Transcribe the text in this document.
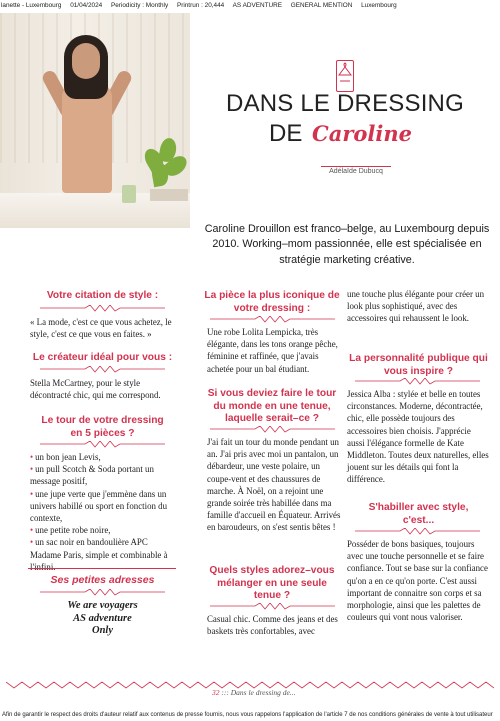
lanette - Luxembourg 01/04/2024 Periodicity : Monthly Printrun : 20,444 AS ADVENTURE GENERAL MENTION Luxembourg
DANS LE DRESSING
DE Caroline
Adélaïde Dubucq
Caroline Drouillon est franco–belge, au Luxembourg depuis 2010. Working–mom passionnée, elle est spécialisée en stratégie marketing créative.
Votre citation de style :
« La mode, c'est ce que vous achetez, le style, c'est ce que vous en faites. »
Le créateur idéal pour vous :
Stella McCartney, pour le style décontracté chic, qui me correspond.
Le tour de votre dressing en 5 pièces ?

• un bon jean Levis,

• un pull Scotch & Soda portant un message positif,

• une jupe verte que j'emmène dans un univers habillé ou sport en fonction du contexte,

• une petite robe noire,

• un sac noir en bandoulière APC Madame Paris, simple et combinable à l'infini.

Ses petites adresses
We are voyagers
AS adventure
Only
La pièce la plus iconique de votre dressing :
Une robe Lolita Lempicka, très élégante, dans les tons orange pêche, féminine et raffinée, que j'avais achetée pour un bal étudiant.
Si vous deviez faire le tour du monde en une tenue, laquelle serait–ce ?
J'ai fait un tour du monde pendant un an. J'ai pris avec moi un pantalon, un débardeur, une veste polaire, un coupe-vent et des chaussures de marche. À Noël, on a rejoint une grande soirée très habillée dans ma famille d'accueil en Équateur. Arrivés en baroudeurs, on s'est sentis bêtes !
Quels styles adorez–vous mélanger en une seule tenue ?
Casual chic. Comme des jeans et des baskets très confortables, avec
une touche plus élégante pour créer un look plus sophistiqué, avec des accessoires qui rehaussent le look.
La personnalité publique qui vous inspire ?
Jessica Alba : stylée et belle en toutes circonstances. Moderne, décontractée, chic, elle possède toujours des accessoires bien choisis. J'apprécie aussi l'élégance formelle de Kate Middleton. Toutes deux naturelles, elles jouent sur les détails qui font la différence.
S'habiller avec style, c'est...
Posséder de bons basiques, toujours avec une touche personnelle et se faire confiance. Tout se base sur la confiance qu'on a en ce qu'on porte. C'est aussi important de connaitre son corps et sa morphologie, ainsi que les palettes de couleurs qui vont nous valoriser.
32 ::: Dans le dressing de...
Afin de garantir le respect des droits d'auteur relatif aux contenus de presse fournis, nous vous rappelons l'application de l'article 7 de nos conditions générales de vente à tout utilisateur
